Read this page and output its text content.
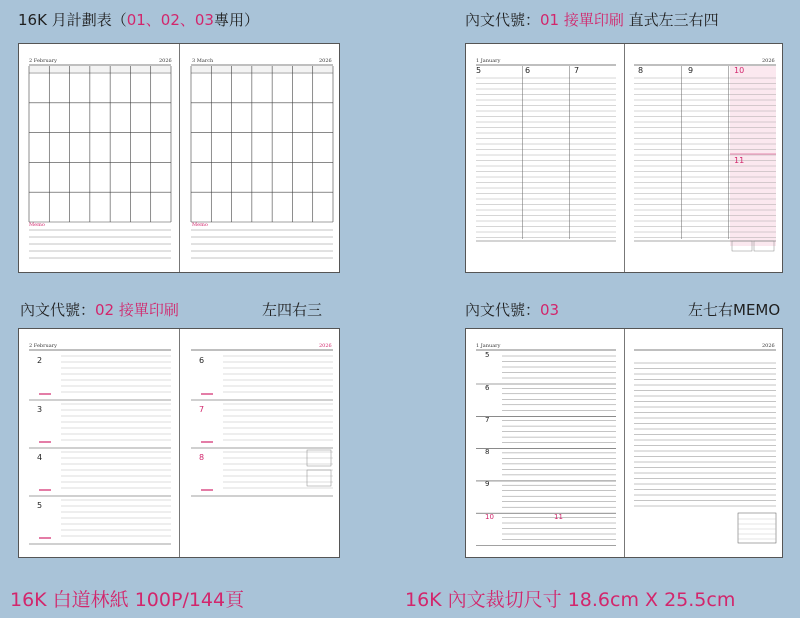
16K 月計劃表（01、02、03專用）	內文代號：01 接單印刷 直式左三右四
內文代號：02 接單印刷	左四右三	內文代號：03	左七右MEMO
16K 白道林紙 100P/144頁	16K 內文裁切尺寸 18.6cm X 25.5cm
2 February	2026	3 March	2026
Memo	Memo
1 January	2026
5	6	7	8	9	10
11
2 February	2026
2
3
4
5
6
7
8
1 January	2026
5
6
7
8
9
10	11
